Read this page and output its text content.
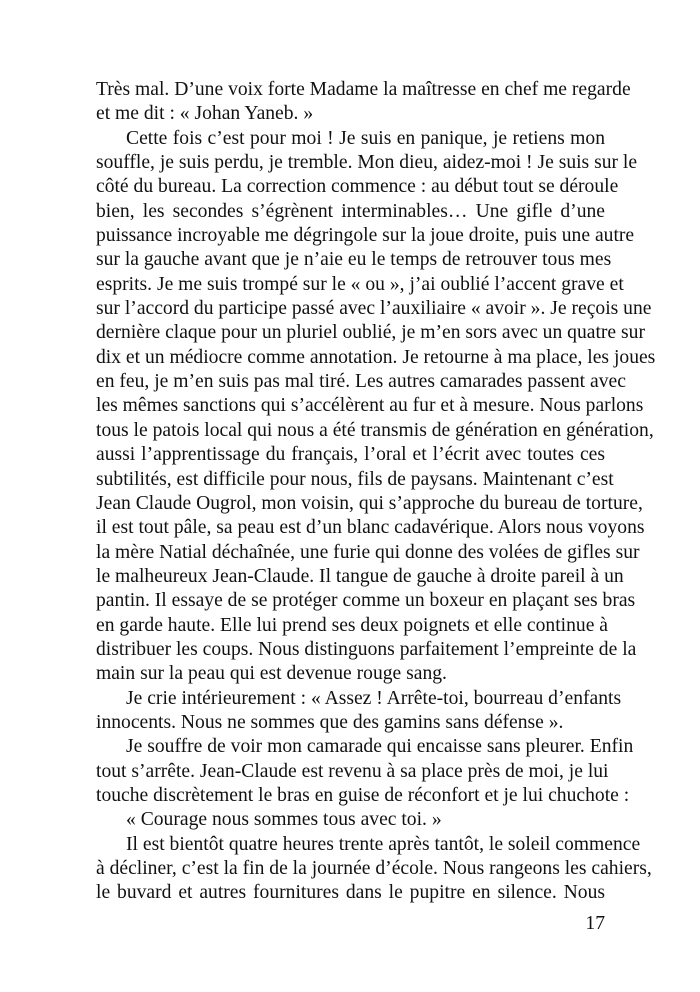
Très mal. D’une voix forte Madame la maîtresse en chef me regarde
et me dit : « Johan Yaneb. »
Cette fois c’est pour moi ! Je suis en panique, je retiens mon
souffle, je suis perdu, je tremble. Mon dieu, aidez-moi ! Je suis sur le
côté du bureau. La correction commence : au début tout se déroule
bien, les secondes s’égrènent interminables… Une gifle d’une
puissance incroyable me dégringole sur la joue droite, puis une autre
sur la gauche avant que je n’aie eu le temps de retrouver tous mes
esprits. Je me suis trompé sur le « ou », j’ai oublié l’accent grave et
sur l’accord du participe passé avec l’auxiliaire « avoir ». Je reçois une
dernière claque pour un pluriel oublié, je m’en sors avec un quatre sur
dix et un médiocre comme annotation. Je retourne à ma place, les joues
en feu, je m’en suis pas mal tiré. Les autres camarades passent avec
les mêmes sanctions qui s’accélèrent au fur et à mesure. Nous parlons
tous le patois local qui nous a été transmis de génération en génération,
aussi l’apprentissage du français, l’oral et l’écrit avec toutes ces
subtilités, est difficile pour nous, fils de paysans. Maintenant c’est
Jean Claude Ougrol, mon voisin, qui s’approche du bureau de torture,
il est tout pâle, sa peau est d’un blanc cadavérique. Alors nous voyons
la mère Natial déchaînée, une furie qui donne des volées de gifles sur
le malheureux Jean-Claude. Il tangue de gauche à droite pareil à un
pantin. Il essaye de se protéger comme un boxeur en plaçant ses bras
en garde haute. Elle lui prend ses deux poignets et elle continue à
distribuer les coups. Nous distinguons parfaitement l’empreinte de la
main sur la peau qui est devenue rouge sang.
Je crie intérieurement : « Assez ! Arrête-toi, bourreau d’enfants
innocents. Nous ne sommes que des gamins sans défense ».
Je souffre de voir mon camarade qui encaisse sans pleurer. Enfin
tout s’arrête. Jean-Claude est revenu à sa place près de moi, je lui
touche discrètement le bras en guise de réconfort et je lui chuchote :
« Courage nous sommes tous avec toi. »
Il est bientôt quatre heures trente après tantôt, le soleil commence
à décliner, c’est la fin de la journée d’école. Nous rangeons les cahiers,
le buvard et autres fournitures dans le pupitre en silence. Nous
17
